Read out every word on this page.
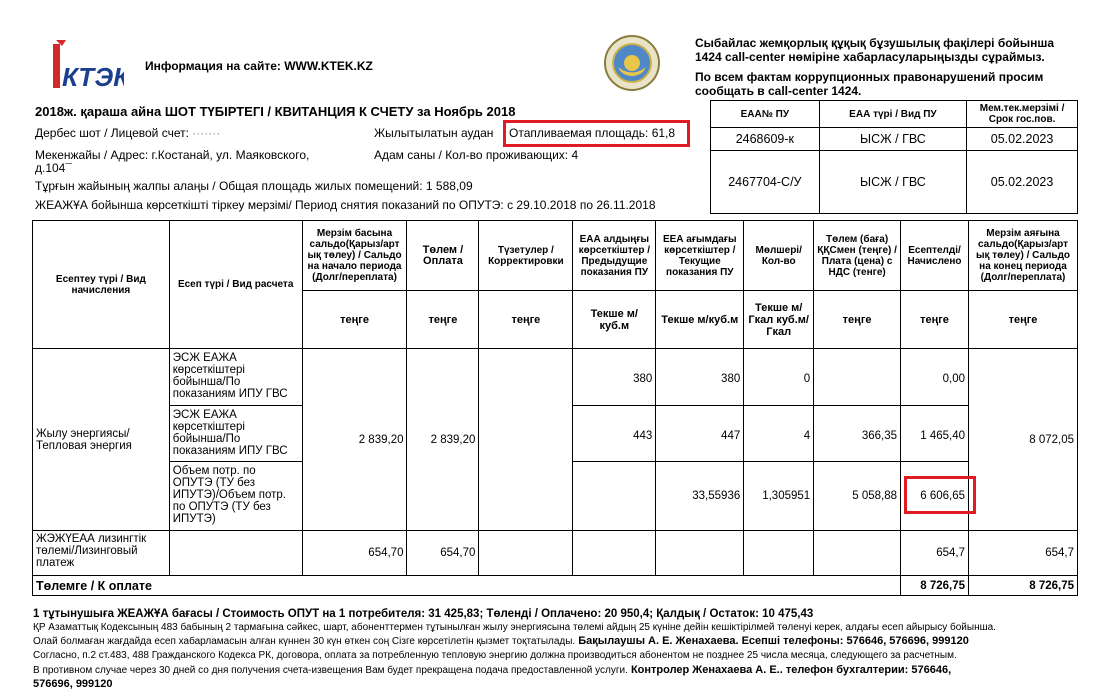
КТЭК Информация на сайте: WWW.KTEK.KZ
Сыбайлас жемқорлық құқық бұзушылық фақілері бойынша
1424 call-center нөміріне хабарласуларыңызды сұраймыз.
По всем фактам коррупционных правонарушений просим
сообщать в call-center 1424.
2018ж. қараша айна ШОТ ТҮБІРТЕГІ / КВИТАНЦИЯ К СЧЕТУ за Ноябрь 2018
Дербес шот / Лицевой счет: ·······	Жылытылатын аудан Отапливаемая площадь: 61,8
Мекенжайы / Адрес: г.Костанай, ул. Маяковского,
д.104¯
Адам саны / Кол-во проживающих: 4
Тұрғын жайының жалпы алаңы / Общая площадь жилых помещений: 1 588,09
ЖЕАЖҰА бойынша көрсеткішті тіркеу мерзімі/ Период снятия показаний по ОПУТЭ: с 29.10.2018 по 26.11.2018
ЕАА№ ПУ	ЕАА түрі / Вид ПУ	Мем.тек.мерзімі / Срок гос.пов.
2468609-к	ЫСЖ / ГВС	05.02.2023
2467704-С/У	ЫСЖ / ГВС	05.02.2023
Есептеу түрі / Вид начисления	Есеп түрі / Вид расчета	Мерзім басына сальдо(Қарыз/арт ық төлеу) / Сальдо на начало периода (Долг/переплата)	Төлем / Оплата	Түзетулер / Корректировки	ЕАА алдыңғы көрсеткіштер / Предыдущие показания ПУ	ЕЕА ағымдағы көрсеткіштер / Текущие показания ПУ	Мөлшері/ Кол-во	Төлем (баға) ҚҚСмен (теңге) / Плата (цена) с НДС (тенге)	Есептелді/ Начислено	Мерзім аяғына сальдо(Қарыз/арт ық төлеу) / Сальдо на конец периода (Долг/переплата)
		теңге	теңге	теңге	Текше м/куб.м	Текше м/куб.м	Текше м/Гкал куб.м/ Гкал	теңге	теңге	теңге
Жылу энергиясы/Тепловая энергия	ЭСЖ ЕАЖА көрсеткіштері бойынша/По показаниям ИПУ ГВС	2 839,20	2 839,20		380	380	0		0,00	8 072,05
	ЭСЖ ЕАЖА көрсеткіштері бойынша/По показаниям ИПУ ГВС				443	447	4	366,35	1 465,40	
	Объем потр. по ОПУТЭ (ТУ без ИПУТЭ)/Объем потр. по ОПУТЭ (ТУ без ИПУТЭ)					33,55936	1,305951	5 058,88	6 606,65	
ЖЭЖҮЕАА лизингтік төлемі/Лизинговый платеж		654,70	654,70						654,7	654,7
Төлемге / К оплате									8 726,75	8 726,75
1 тұтынушыға ЖЕАЖҰА бағасы / Стоимость ОПУТ на 1 потребителя: 31 425,83; Төленді / Оплачено: 20 950,4; Қалдық / Остаток: 10 475,43
ҚР Азаматтық Кодексының 483 бабының 2 тармағына сәйкес, шарт, абоненттермен тұтынылған жылу энергиясына төлемі айдың 25 күніне дейін кешіктірілмей төленуі керек, алдағы есеп айырысу бойынша.
Олай болмаған жағдайда есеп хабарламасын алған күннен 30 күн өткен соң Сізге көрсетілетін қызмет тоқтатылады. Бақылаушы А. Е. Женахаева. Есепші телефоны: 576646, 576696, 999120
Согласно, п.2 ст.483, 488 Гражданского Кодекса РК, договора, оплата за потребленную тепловую энергию должна производиться абонентом не позднее 25 числа месяца, следующего за расчетным.
В противном случае через 30 дней со дня получения счета-извещения Вам будет прекращена подача предоставленной услуги. Контролер Женахаева А. Е.. телефон бухгалтерии: 576646,
576696, 999120
